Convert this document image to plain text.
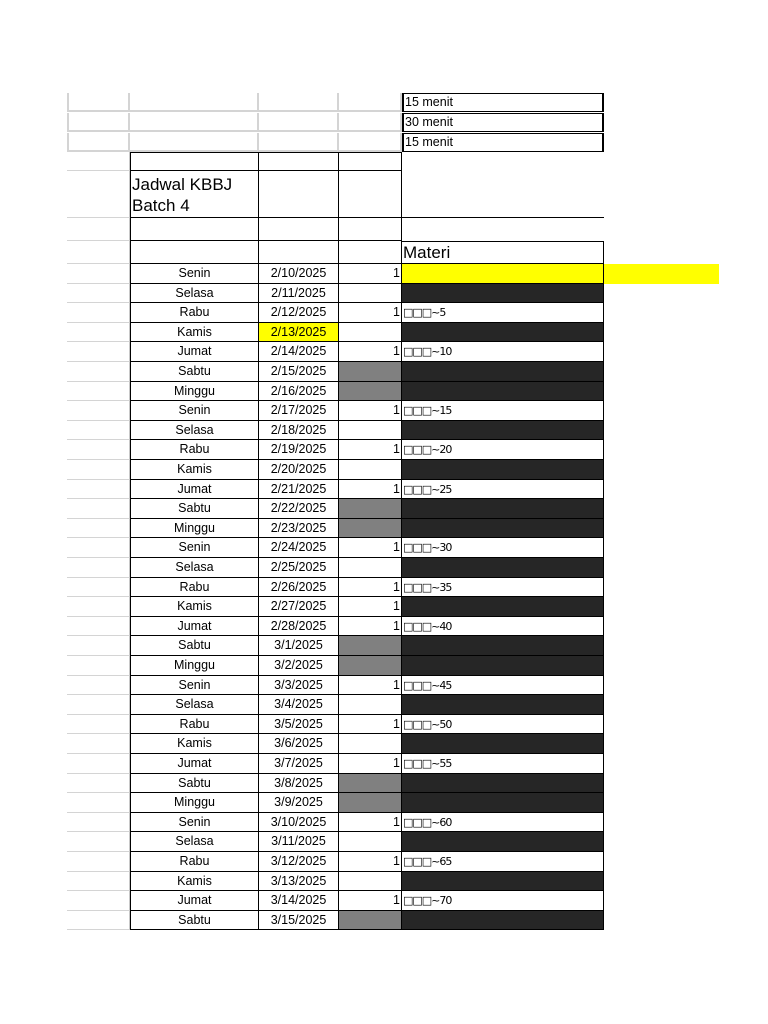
15 menit
30 menit
15 menit
Jadwal KBBJ
Batch 4
Materi
Senin	2/10/2025	1
Selasa	2/11/2025
Rabu	2/12/2025	1 □□□~5
Kamis	2/13/2025
Jumat	2/14/2025	1 □□□~10
Sabtu	2/15/2025
Minggu	2/16/2025
Senin	2/17/2025	1 □□□~15
Selasa	2/18/2025
Rabu	2/19/2025	1 □□□~20
Kamis	2/20/2025
Jumat	2/21/2025	1 □□□~25
Sabtu	2/22/2025
Minggu	2/23/2025
Senin	2/24/2025	1 □□□~30
Selasa	2/25/2025
Rabu	2/26/2025	1 □□□~35
Kamis	2/27/2025	1
Jumat	2/28/2025	1 □□□~40
Sabtu	3/1/2025
Minggu	3/2/2025
Senin	3/3/2025	1 □□□~45
Selasa	3/4/2025
Rabu	3/5/2025	1 □□□~50
Kamis	3/6/2025
Jumat	3/7/2025	1 □□□~55
Sabtu	3/8/2025
Minggu	3/9/2025
Senin	3/10/2025	1 □□□~60
Selasa	3/11/2025
Rabu	3/12/2025	1 □□□~65
Kamis	3/13/2025
Jumat	3/14/2025	1 □□□~70
Sabtu	3/15/2025
